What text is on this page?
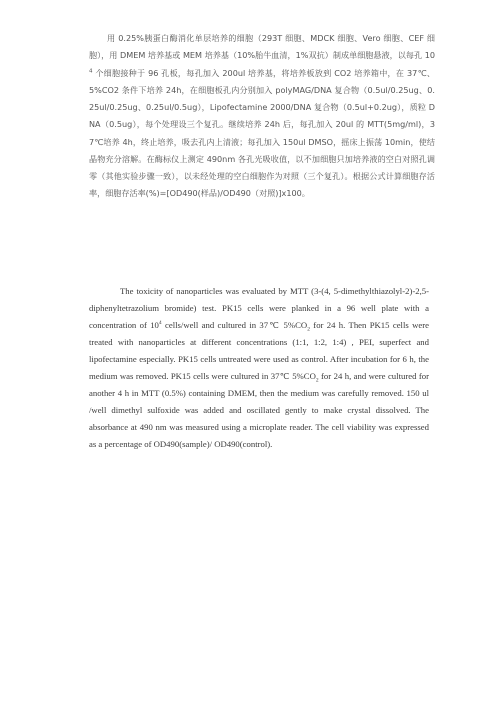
用 0.25%胰蛋白酶消化单层培养的细胞（293T 细胞、MDCK 细胞、Vero 细胞、CEF 细胞），用 DMEM 培养基或 MEM 培养基（10%胎牛血清，1%双抗）制成单细胞悬液，以每孔 $10^4$ 个细胞接种于 96 孔板，每孔加入 200ul 培养基，将培养板放到 CO2 培养箱中，在 37℃、5%CO2 条件下培养 24h，在细胞板孔内分别加入 polyMAG/DNA 复合物（0.5ul/0.25ug、0.25ul/0.25ug、0.25ul/0.5ug），Lipofectamine 2000/DNA 复合物（0.5ul+0.2ug），质粒 DNA（0.5ug），每个处理设三个复孔。继续培养 24h 后，每孔加入 20ul 的 MTT(5mg/ml)，37℃培养 4h，终止培养，吸去孔内上清液；每孔加入 150ul DMSO，摇床上振荡 10min，使结晶物充分溶解。在酶标仪上测定 490nm 各孔光吸收值，以不加细胞只加培养液的空白对照孔调零（其他实验步骤一致），以未经处理的空白细胞作为对照（三个复孔）。根据公式计算细胞存活率，细胞存活率(%)=[OD490(样品)/OD490（对照)]x100。

The toxicity of nanoparticles was evaluated by MTT (3-(4, 5-dimethylthiazolyl-2)-2,5-diphenyltetrazolium bromide) test. PK15 cells were planked in a 96 well plate with a concentration of $10^4$ cells/well and cultured in 37℃ $5\%CO_2$ for 24 h. Then PK15 cells were treated with nanoparticles at different concentrations (1:1, 1:2, 1:4) , PEI, superfect and lipofectamine especially. PK15 cells untreated were used as control. After incubation for 6 h, the medium was removed. PK15 cells were cultured in 37℃ $5\%CO_2$ for 24 h, and were cultured for another 4 h in MTT (0.5%) containing DMEM, then the medium was carefully removed. 150 ul /well dimethyl sulfoxide was added and oscillated gently to make crystal dissolved. The absorbance at 490 nm was measured using a microplate reader. The cell viability was expressed as a percentage of OD490(sample)/ OD490(control).
